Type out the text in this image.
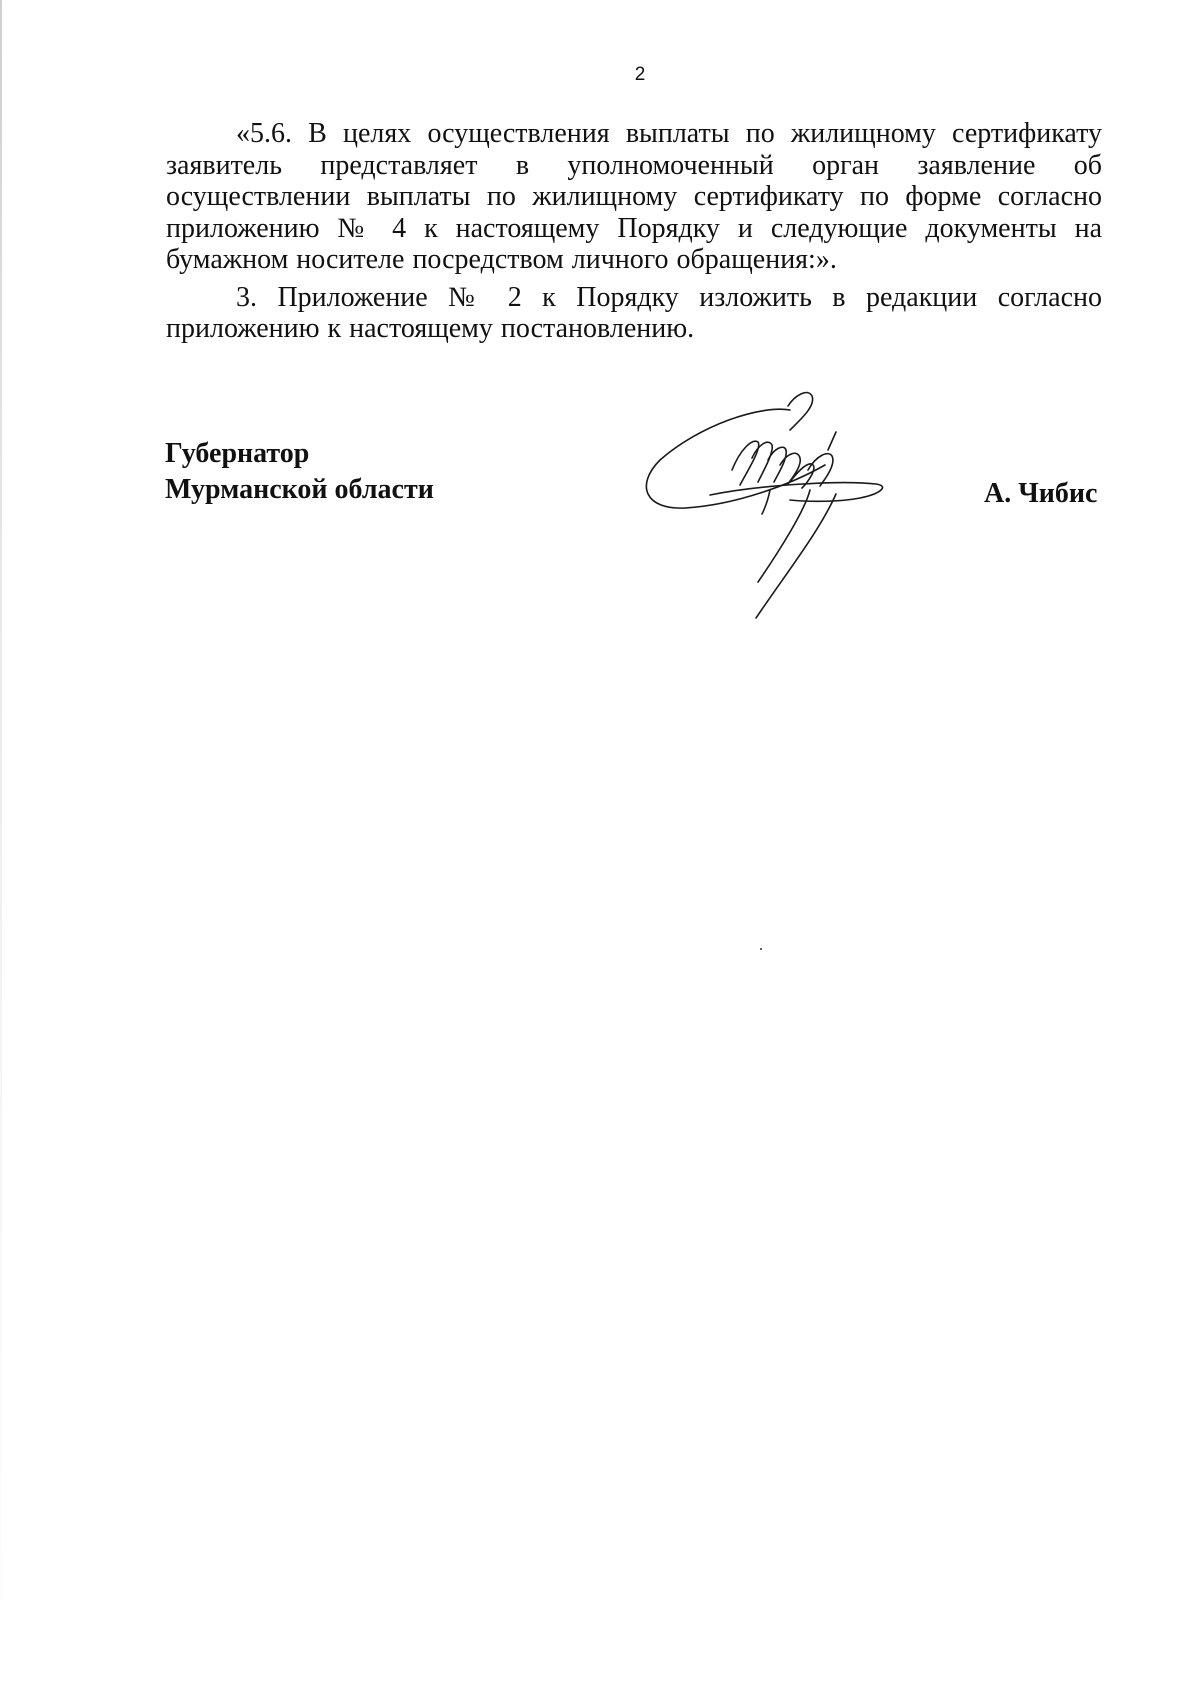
2

«5.6. В целях осуществления выплаты по жилищному сертификату заявитель представляет в уполномоченный орган заявление об осуществлении выплаты по жилищному сертификату по форме согласно приложению № 4 к настоящему Порядку и следующие документы на бумажном носителе посредством личного обращения:».

3. Приложение № 2 к Порядку изложить в редакции согласно приложению к настоящему постановлению.

Губернатор
Мурманской области	А. Чибис
